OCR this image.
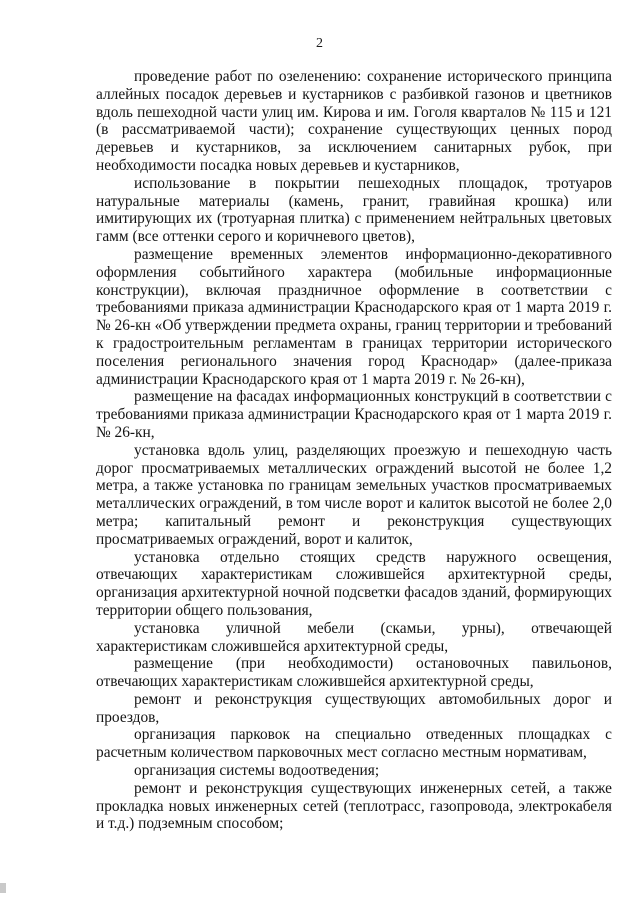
2

проведение работ по озеленению: сохранение исторического принципа аллейных посадок деревьев и кустарников с разбивкой газонов и цветников вдоль пешеходной части улиц им. Кирова и им. Гоголя кварталов № 115 и 121 (в рассматриваемой части); сохранение существующих ценных пород деревьев и кустарников, за исключением санитарных рубок, при необходимости посадка новых деревьев и кустарников,

использование в покрытии пешеходных площадок, тротуаров натуральные материалы (камень, гранит, гравийная крошка) или имитирующих их (тротуарная плитка) с применением нейтральных цветовых гамм (все оттенки серого и коричневого цветов),

размещение временных элементов информационно-декоративного оформления событийного характера (мобильные информационные конструкции), включая праздничное оформление в соответствии с требованиями приказа администрации Краснодарского края от 1 марта 2019 г. № 26-кн «Об утверждении предмета охраны, границ территории и требований к градостроительным регламентам в границах территории исторического поселения регионального значения город Краснодар» (далее-приказа администрации Краснодарского края от 1 марта 2019 г. № 26-кн),

размещение на фасадах информационных конструкций в соответствии с требованиями приказа администрации Краснодарского края от 1 марта 2019 г. № 26-кн,

установка вдоль улиц, разделяющих проезжую и пешеходную часть дорог просматриваемых металлических ограждений высотой не более 1,2 метра, а также установка по границам земельных участков просматриваемых металлических ограждений, в том числе ворот и калиток высотой не более 2,0 метра; капитальный ремонт и реконструкция существующих просматриваемых ограждений, ворот и калиток,

установка отдельно стоящих средств наружного освещения, отвечающих характеристикам сложившейся архитектурной среды, организация архитектурной ночной подсветки фасадов зданий, формирующих территории общего пользования,

установка уличной мебели (скамьи, урны), отвечающей характеристикам сложившейся архитектурной среды,

размещение (при необходимости) остановочных павильонов, отвечающих характеристикам сложившейся архитектурной среды,

ремонт и реконструкция существующих автомобильных дорог и проездов,

организация парковок на специально отведенных площадках с расчетным количеством парковочных мест согласно местным нормативам,

организация системы водоотведения;

ремонт и реконструкция существующих инженерных сетей, а также прокладка новых инженерных сетей (теплотрасс, газопровода, электрокабеля и т.д.) подземным способом;
